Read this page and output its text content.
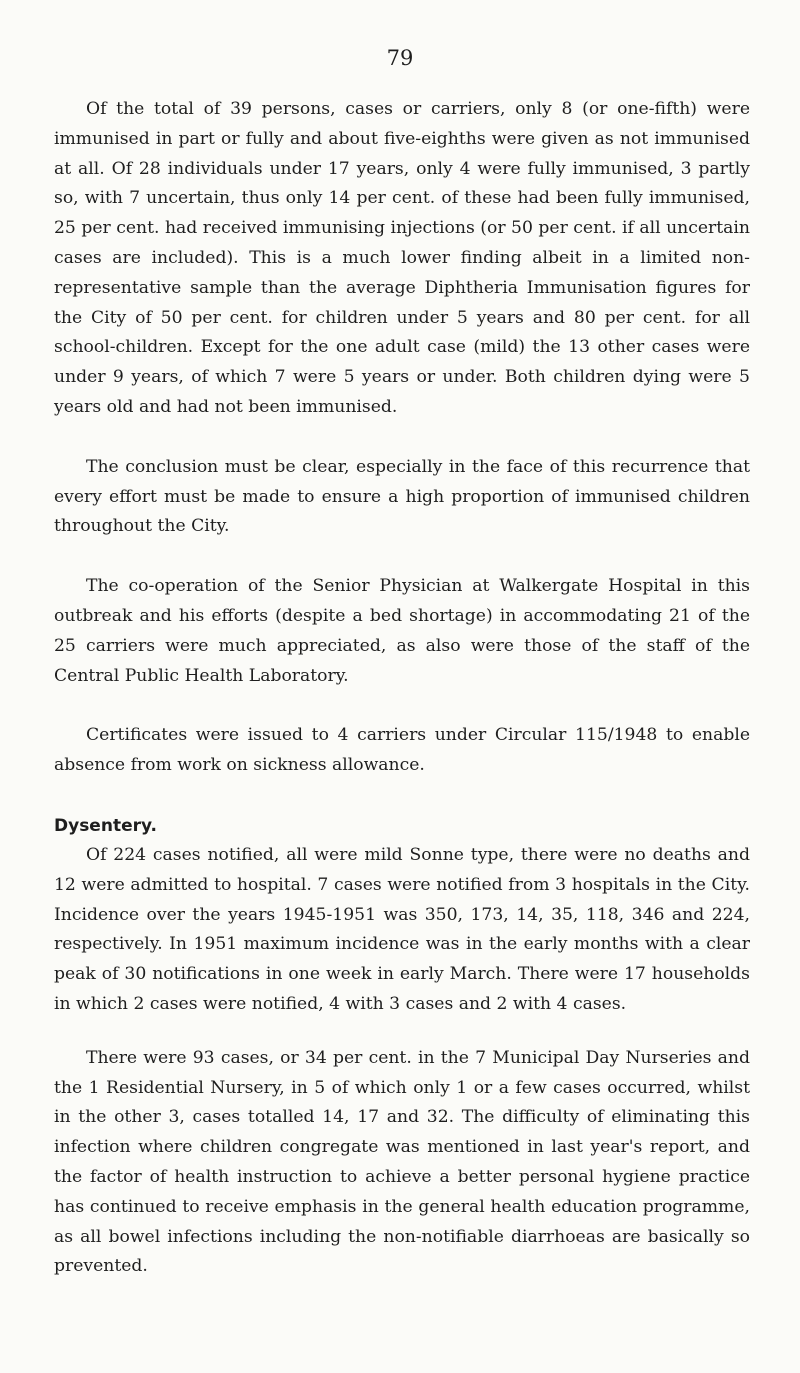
79

Of the total of 39 persons, cases or carriers, only 8 (or one-fifth) were immunised in part or fully and about five-eighths were given as not immunised at all. Of 28 individuals under 17 years, only 4 were fully immunised, 3 partly so, with 7 uncertain, thus only 14 per cent. of these had been fully immunised, 25 per cent. had received immunising injections (or 50 per cent. if all uncertain cases are included). This is a much lower finding albeit in a limited non-representative sample than the average Diphtheria Immunisation figures for the City of 50 per cent. for children under 5 years and 80 per cent. for all school-children. Except for the one adult case (mild) the 13 other cases were under 9 years, of which 7 were 5 years or under. Both children dying were 5 years old and had not been immunised.

The conclusion must be clear, especially in the face of this recurrence that every effort must be made to ensure a high proportion of immunised children throughout the City.

The co-operation of the Senior Physician at Walkergate Hospital in this outbreak and his efforts (despite a bed shortage) in accommodating 21 of the 25 carriers were much appreciated, as also were those of the staff of the Central Public Health Laboratory.

Certificates were issued to 4 carriers under Circular 115/1948 to enable absence from work on sickness allowance.

Dysentery.

Of 224 cases notified, all were mild Sonne type, there were no deaths and 12 were admitted to hospital. 7 cases were notified from 3 hospitals in the City. Incidence over the years 1945-1951 was 350, 173, 14, 35, 118, 346 and 224, respectively. In 1951 maximum incidence was in the early months with a clear peak of 30 notifications in one week in early March. There were 17 households in which 2 cases were notified, 4 with 3 cases and 2 with 4 cases.

There were 93 cases, or 34 per cent. in the 7 Municipal Day Nurseries and the 1 Residential Nursery, in 5 of which only 1 or a few cases occurred, whilst in the other 3, cases totalled 14, 17 and 32. The difficulty of eliminating this infection where children congregate was mentioned in last year's report, and the factor of health instruction to achieve a better personal hygiene practice has continued to receive emphasis in the general health education programme, as all bowel infections including the non-notifiable diarrhoeas are basically so prevented.
